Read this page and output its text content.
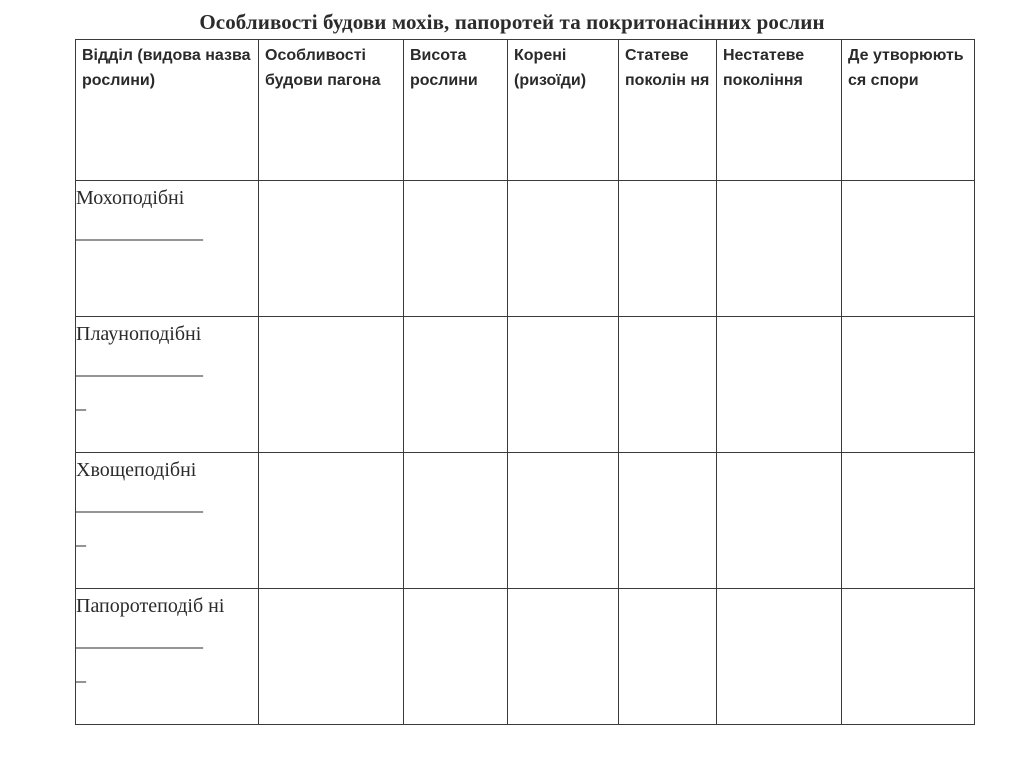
Особливості будови мохів, папоротей та покритонасінних рослин
Відділ (видова назва рослини)	Особливості будови пагона	Висота рослини	Корені (ризоїди)	Статеве поколін ня	Нестатеве покоління	Де утворюють ся спори

Мохоподібні
______________						

Плауноподібні
______________
_						

Хвощеподібні
______________
_						

Папоротеподіб ні
______________
_						
